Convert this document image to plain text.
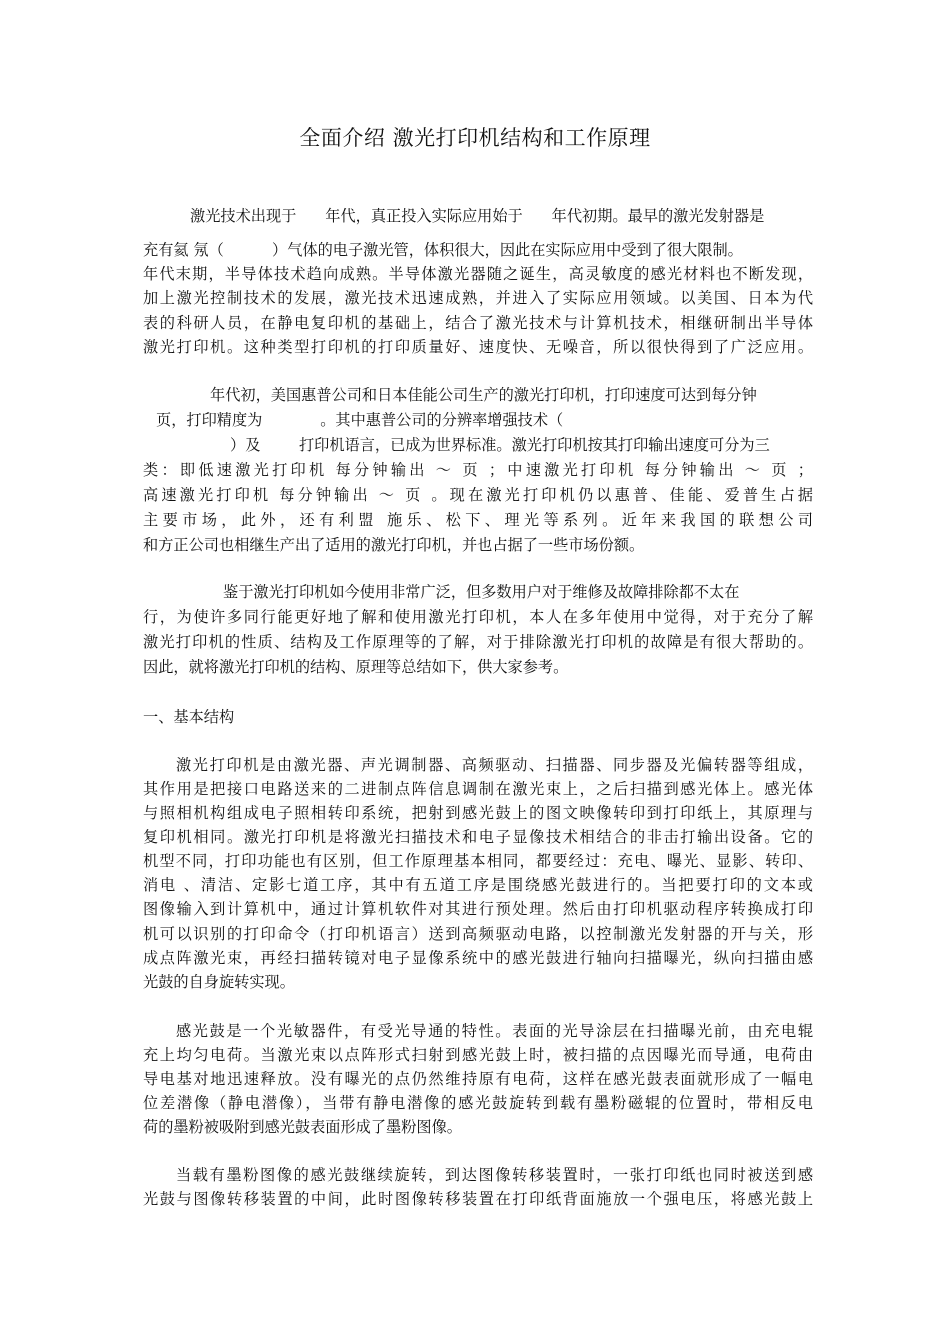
全面介绍 激光打印机结构和工作原理
激光技术出现于      年代，真正投入实际应用始于      年代初期。最早的激光发射器是
充有氦 氖（          ）气体的电子激光管，体积很大，因此在实际应用中受到了很大限制。
年代末期，半导体技术趋向成熟。半导体激光器随之诞生，高灵敏度的感光材料也不断发现，
加上激光控制技术的发展，激光技术迅速成熟，并进入了实际应用领域。以美国、日本为代
表的科研人员，在静电复印机的基础上，结合了激光技术与计算机技术，相继研制出半导体
激光打印机。这种类型打印机的打印质量好、速度快、无噪音，所以很快得到了广泛应用。
年代初，美国惠普公司和日本佳能公司生产的激光打印机，打印速度可达到每分钟
页，打印精度为            。其中惠普公司的分辨率增强技术（
）及        打印机语言，已成为世界标准。激光打印机按其打印输出速度可分为三
类：即低速激光打印机 每分钟输出 ～ 页 ；中速激光打印机 每分钟输出 ～ 页 ；
高速激光打印机 每分钟输出 ～ 页 。现在激光打印机仍以惠普、佳能、爱普生占据
主要市场，此外，还有利盟 施乐、松下、理光等系列。近年来我国的联想公司
和方正公司也相继生产出了适用的激光打印机，并也占据了一些市场份额。
鉴于激光打印机如今使用非常广泛，但多数用户对于维修及故障排除都不太在
行，为使许多同行能更好地了解和使用激光打印机，本人在多年使用中觉得，对于充分了解
激光打印机的性质、结构及工作原理等的了解，对于排除激光打印机的故障是有很大帮助的。
因此，就将激光打印机的结构、原理等总结如下，供大家参考。
一、基本结构
激光打印机是由激光器、声光调制器、高频驱动、扫描器、同步器及光偏转器等组成，
其作用是把接口电路送来的二进制点阵信息调制在激光束上，之后扫描到感光体上。感光体
与照相机构组成电子照相转印系统，把射到感光鼓上的图文映像转印到打印纸上，其原理与
复印机相同。激光打印机是将激光扫描技术和电子显像技术相结合的非击打输出设备。它的
机型不同，打印功能也有区别，但工作原理基本相同，都要经过：充电、曝光、显影、转印、
消电 、清洁、定影七道工序，其中有五道工序是围绕感光鼓进行的。当把要打印的文本或
图像输入到计算机中，通过计算机软件对其进行预处理。然后由打印机驱动程序转换成打印
机可以识别的打印命令（打印机语言）送到高频驱动电路，以控制激光发射器的开与关，形
成点阵激光束，再经扫描转镜对电子显像系统中的感光鼓进行轴向扫描曝光，纵向扫描由感
光鼓的自身旋转实现。
感光鼓是一个光敏器件，有受光导通的特性。表面的光导涂层在扫描曝光前，由充电辊
充上均匀电荷。当激光束以点阵形式扫射到感光鼓上时，被扫描的点因曝光而导通，电荷由
导电基对地迅速释放。没有曝光的点仍然维持原有电荷，这样在感光鼓表面就形成了一幅电
位差潜像（静电潜像），当带有静电潜像的感光鼓旋转到载有墨粉磁辊的位置时，带相反电
荷的墨粉被吸附到感光鼓表面形成了墨粉图像。
当载有墨粉图像的感光鼓继续旋转，到达图像转移装置时，一张打印纸也同时被送到感
光鼓与图像转移装置的中间，此时图像转移装置在打印纸背面施放一个强电压，将感光鼓上
